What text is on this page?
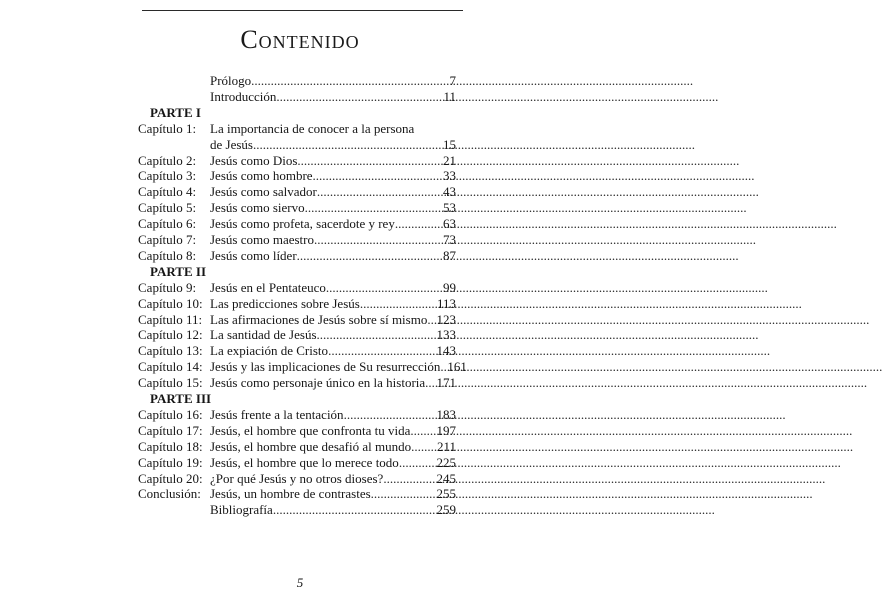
Contenido
Prólogo .....	7
Introducción .....	11
PARTE I
Capítulo 1: La importancia de conocer a la persona
de Jesús .....	15
Capítulo 2: Jesús como Dios .....	21
Capítulo 3: Jesús como hombre .....	33
Capítulo 4: Jesús como salvador .....	43
Capítulo 5: Jesús como siervo .....	53
Capítulo 6: Jesús como profeta, sacerdote y rey .....	63
Capítulo 7: Jesús como maestro .....	73
Capítulo 8: Jesús como líder .....	87
PARTE II
Capítulo 9: Jesús en el Pentateuco .....	99
Capítulo 10: Las predicciones sobre Jesús .....	113
Capítulo 11: Las afirmaciones de Jesús sobre sí mismo ..... 123
Capítulo 12: La santidad de Jesús .....	133
Capítulo 13: La expiación de Cristo .....	143
Capítulo 14: Jesús y las implicaciones de Su resurrección ..... 161
Capítulo 15: Jesús como personaje único en la historia ..... 171
PARTE III
Capítulo 16: Jesús frente a la tentación .....	183
Capítulo 17: Jesús, el hombre que confronta tu vida ..... 197
Capítulo 18: Jesús, el hombre que desafió al mundo ..... 211
Capítulo 19: Jesús, el hombre que lo merece todo .....	225
Capítulo 20: ¿Por qué Jesús y no otros dioses? .....	245
Conclusión: Jesús, un hombre de contrastes .....	255
Bibliografía .....	259
5
